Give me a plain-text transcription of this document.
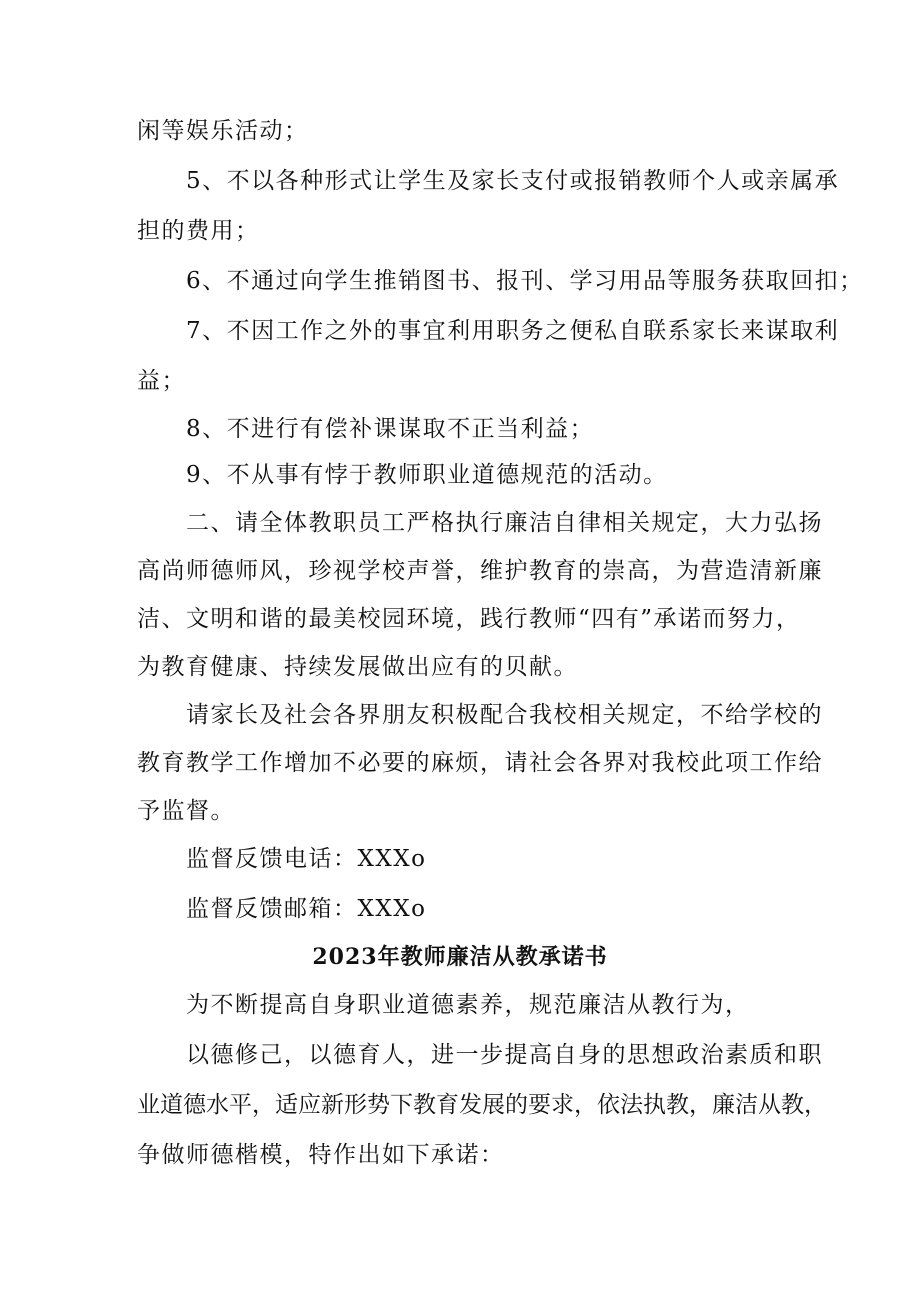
闲等娱乐活动；
5、不以各种形式让学生及家长支付或报销教师个人或亲属承
担的费用；
6、不通过向学生推销图书、报刊、学习用品等服务获取回扣；
7、不因工作之外的事宜利用职务之便私自联系家长来谋取利
益；
8、不进行有偿补课谋取不正当利益；
9、不从事有悖于教师职业道德规范的活动。
二、请全体教职员工严格执行廉洁自律相关规定，大力弘扬
高尚师德师风，珍视学校声誉，维护教育的崇高，为营造清新廉
洁、文明和谐的最美校园环境，践行教师“四有”承诺而努力，
为教育健康、持续发展做出应有的贝献。
请家长及社会各界朋友积极配合我校相关规定，不给学校的
教育教学工作增加不必要的麻烦，请社会各界对我校此项工作给
予监督。
监督反馈电话：XXXo
监督反馈邮箱：XXXo
2023年教师廉洁从教承诺书
为不断提高自身职业道德素养，规范廉洁从教行为，
以德修己，以德育人，进一步提高自身的思想政治素质和职
业道德水平，适应新形势下教育发展的要求，依法执教，廉洁从教，
争做师德楷模，特作出如下承诺：
